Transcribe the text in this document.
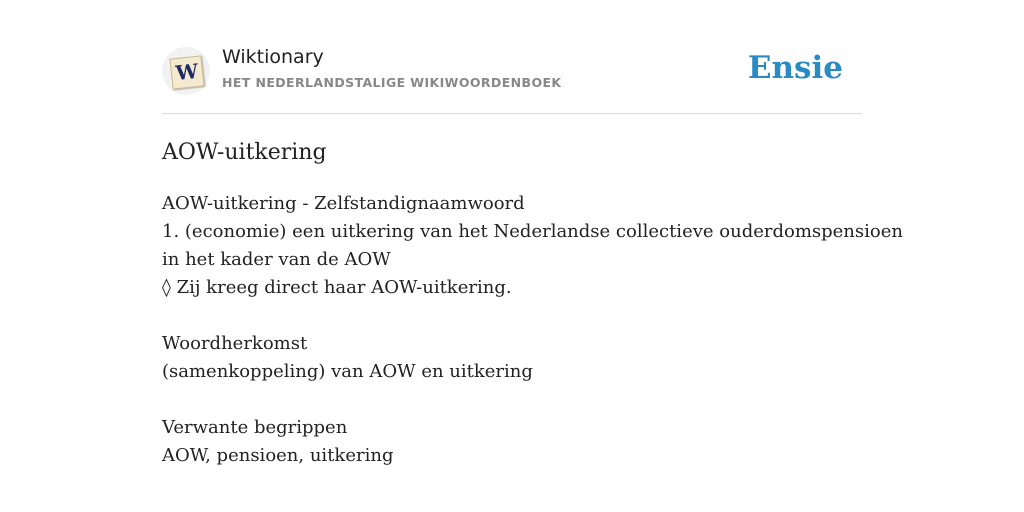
W
Wiktionary
HET NEDERLANDSTALIGE WIKIWOORDENBOEK	Ensie
AOW-uitkering
AOW-uitkering - Zelfstandignaamwoord
1. (economie) een uitkering van het Nederlandse collectieve ouderdomspensioen
in het kader van de AOW
◊ Zij kreeg direct haar AOW-uitkering.
Woordherkomst
(samenkoppeling) van AOW en uitkering
Verwante begrippen
AOW, pensioen, uitkering
